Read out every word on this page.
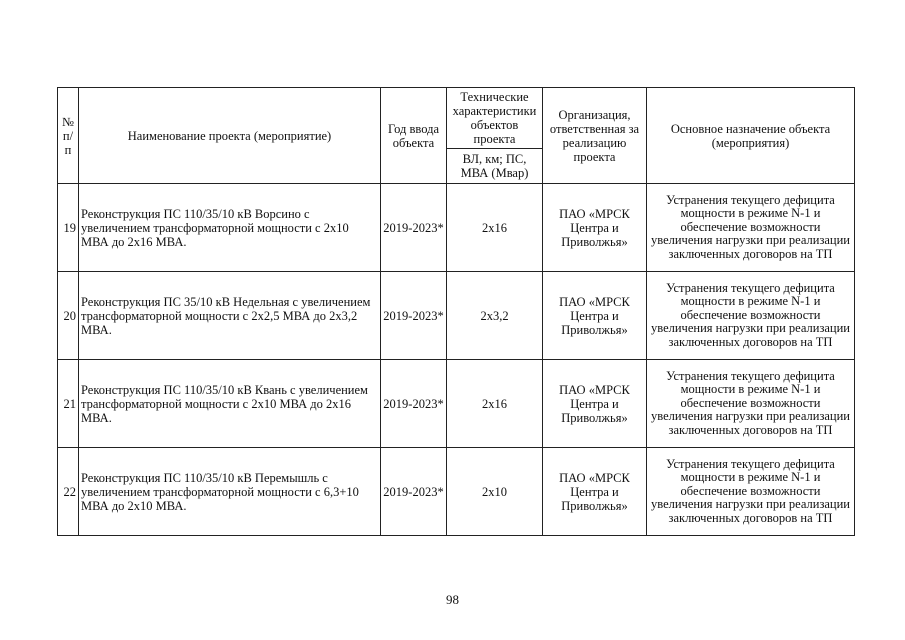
№ п/п	Наименование проекта (мероприятие)	Год ввода объекта	Технические характеристики объектов проекта	Организация, ответственная за реализацию проекта	Основное назначение объекта (мероприятия)
			ВЛ, км; ПС, МВА (Мвар)		
19	Реконструкция ПС 110/35/10 кВ Ворсино с увеличением трансформаторной мощности с 2х10 МВА до 2х16 МВА.	2019-2023*	2х16	ПАО «МРСК Центра и Приволжья»	Устранения текущего дефицита мощности в режиме N-1 и обеспечение возможности увеличения нагрузки при реализации заключенных договоров на ТП
20	Реконструкция ПС 35/10 кВ Недельная с увеличением трансформаторной мощности с 2х2,5 МВА до 2х3,2 МВА.	2019-2023*	2х3,2	ПАО «МРСК Центра и Приволжья»	Устранения текущего дефицита мощности в режиме N-1 и обеспечение возможности увеличения нагрузки при реализации заключенных договоров на ТП
21	Реконструкция ПС 110/35/10 кВ Квань с увеличением трансформаторной мощности с 2х10 МВА до 2х16 МВА.	2019-2023*	2х16	ПАО «МРСК Центра и Приволжья»	Устранения текущего дефицита мощности в режиме N-1 и обеспечение возможности увеличения нагрузки при реализации заключенных договоров на ТП
22	Реконструкция ПС 110/35/10 кВ Перемышль с увеличением трансформаторной мощности с 6,3+10 МВА до 2х10 МВА.	2019-2023*	2х10	ПАО «МРСК Центра и Приволжья»	Устранения текущего дефицита мощности в режиме N-1 и обеспечение возможности увеличения нагрузки при реализации заключенных договоров на ТП
98
